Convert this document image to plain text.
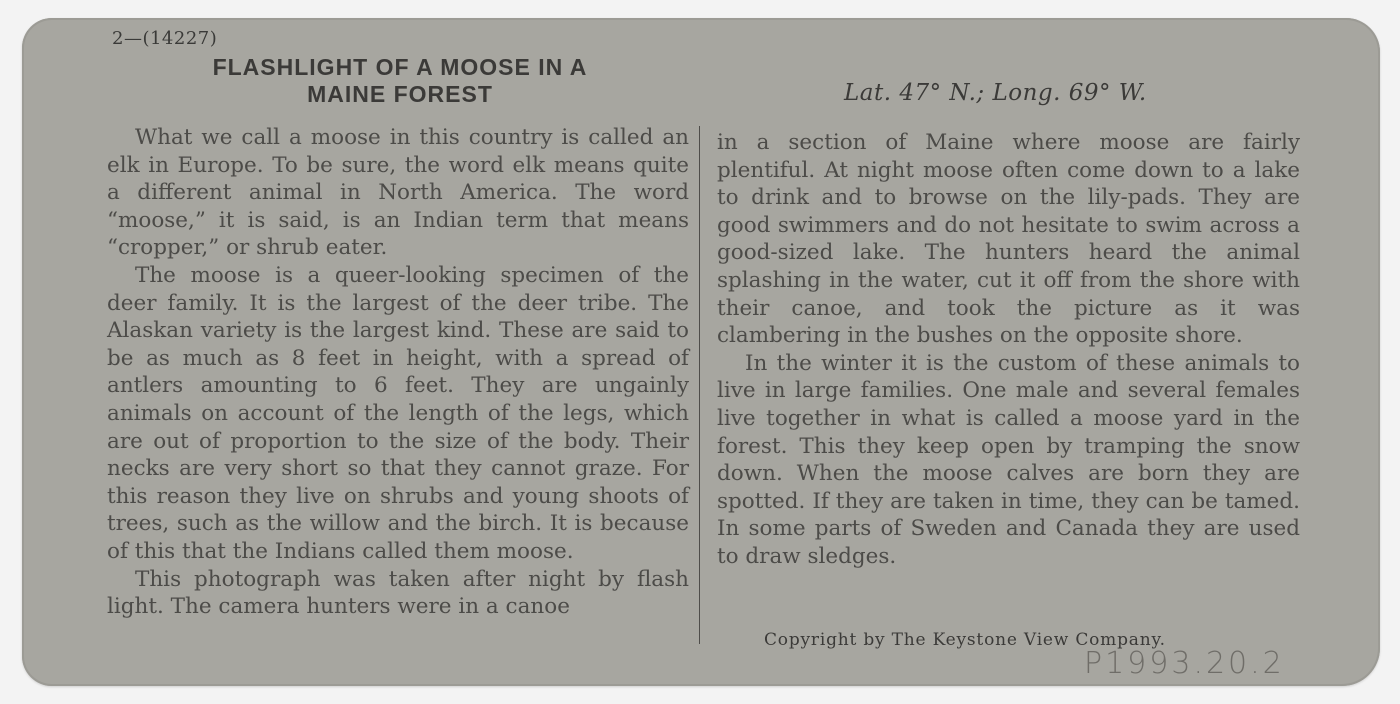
2—(14227)
FLASHLIGHT OF A MOOSE IN A
MAINE FOREST	Lat. 47° N.; Long. 69° W.

What we call a moose in this country is called an elk in Europe. To be sure, the word elk means quite a different animal in North America. The word “moose,” it is said, is an Indian term that means “cropper,” or shrub eater.

The moose is a queer-looking specimen of the deer family. It is the largest of the deer tribe. The Alaskan variety is the largest kind. These are said to be as much as 8 feet in height, with a spread of antlers amounting to 6 feet. They are ungainly animals on account of the length of the legs, which are out of proportion to the size of the body. Their necks are very short so that they cannot graze. For this reason they live on shrubs and young shoots of trees, such as the willow and the birch. It is because of this that the Indians called them moose.

This photograph was taken after night by flash light. The camera hunters were in a canoe

in a section of Maine where moose are fairly plentiful. At night moose often come down to a lake to drink and to browse on the lily-pads. They are good swimmers and do not hesitate to swim across a good-sized lake. The hunters heard the animal splashing in the water, cut it off from the shore with their canoe, and took the picture as it was clambering in the bushes on the opposite shore.

In the winter it is the custom of these animals to live in large families. One male and several females live together in what is called a moose yard in the forest. This they keep open by tramping the snow down. When the moose calves are born they are spotted. If they are taken in time, they can be tamed. In some parts of Sweden and Canada they are used to draw sledges.

Copyright by The Keystone View Company.
P1993.20.2
